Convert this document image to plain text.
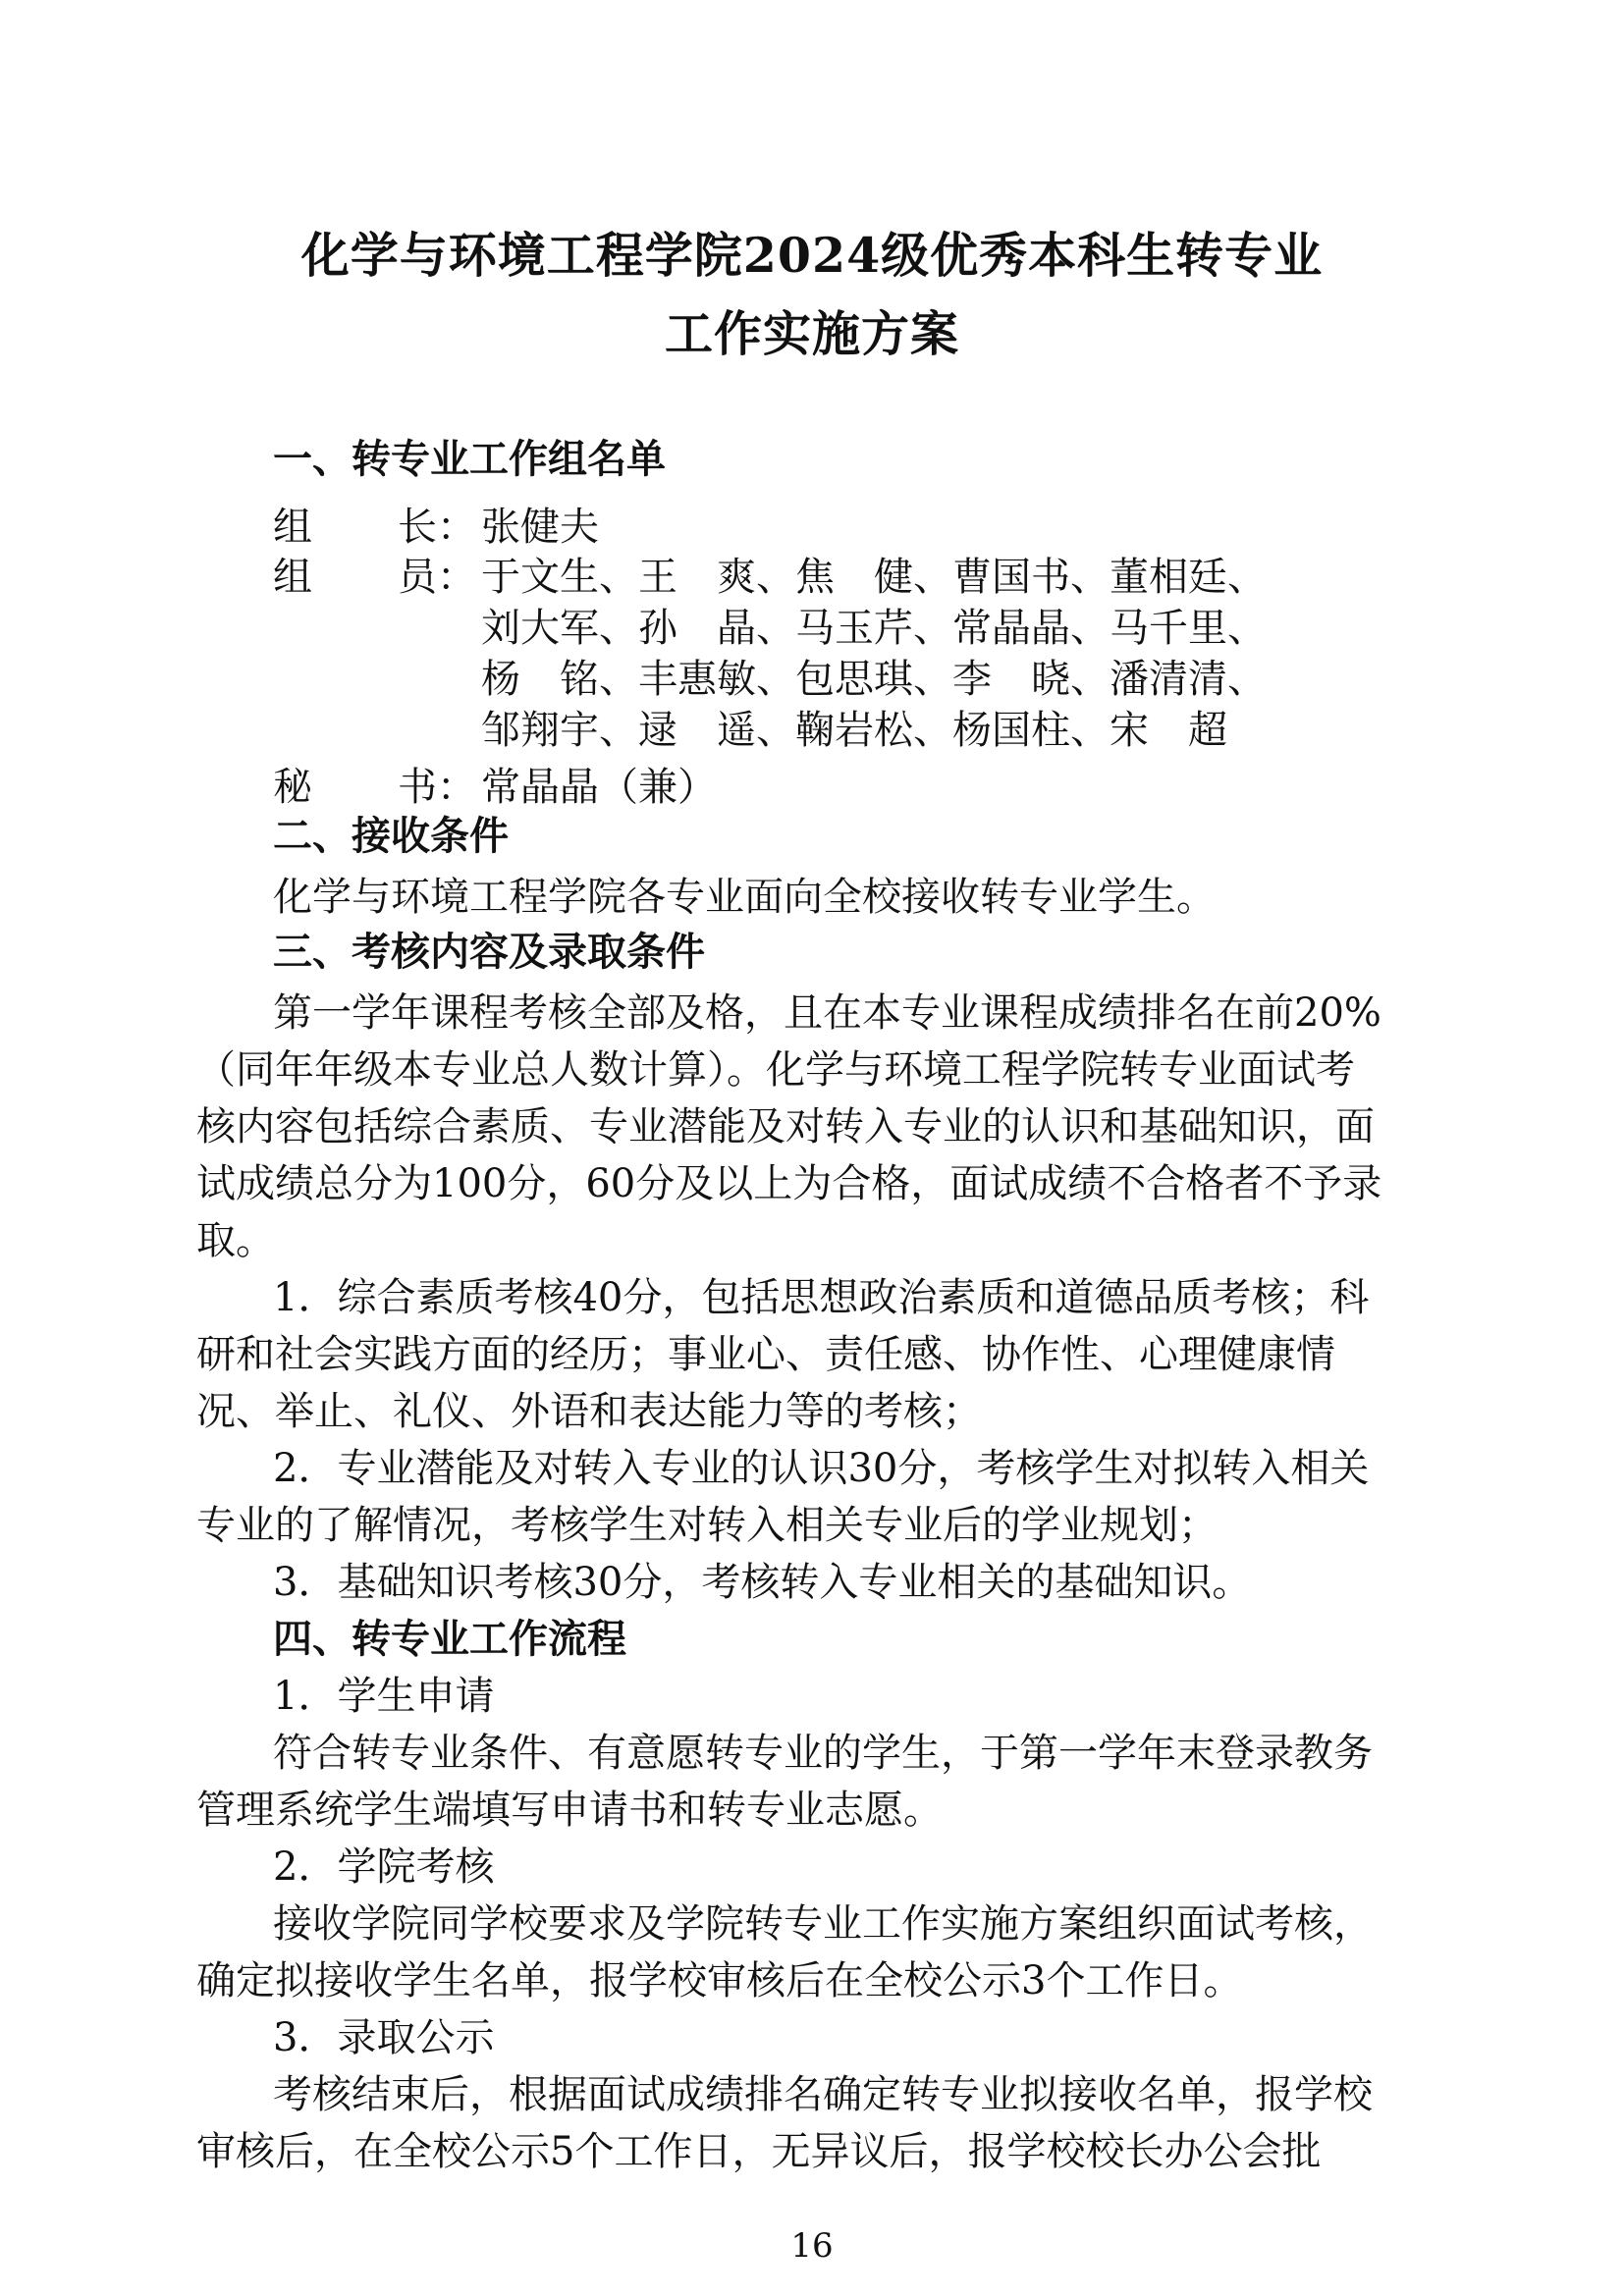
化学与环境工程学院2024级优秀本科生转专业
工作实施方案
一、转专业工作组名单
组 长： 张健夫
组 员： 于文生、王　爽、焦　健、曹国书、董相廷、
刘大军、孙　晶、马玉芹、常晶晶、马千里、
杨　铭、丰惠敏、包思琪、李　晓、潘清清、
邹翔宇、逯　遥、鞠岩松、杨国柱、宋　超
秘 书： 常晶晶（兼）
二、接收条件
化学与环境工程学院各专业面向全校接收转专业学生。
三、考核内容及录取条件
第一学年课程考核全部及格，且在本专业课程成绩排名在前20%
（同年年级本专业总人数计算）。化学与环境工程学院转专业面试考
核内容包括综合素质、专业潜能及对转入专业的认识和基础知识，面
试成绩总分为100分，60分及以上为合格，面试成绩不合格者不予录
取。
1．综合素质考核40分，包括思想政治素质和道德品质考核；科
研和社会实践方面的经历；事业心、责任感、协作性、心理健康情
况、举止、礼仪、外语和表达能力等的考核；
2．专业潜能及对转入专业的认识30分，考核学生对拟转入相关
专业的了解情况，考核学生对转入相关专业后的学业规划；
3．基础知识考核30分，考核转入专业相关的基础知识。
四、转专业工作流程
1．学生申请
符合转专业条件、有意愿转专业的学生，于第一学年末登录教务
管理系统学生端填写申请书和转专业志愿。
2．学院考核
接收学院同学校要求及学院转专业工作实施方案组织面试考核，
确定拟接收学生名单，报学校审核后在全校公示3个工作日。
3．录取公示
考核结束后，根据面试成绩排名确定转专业拟接收名单，报学校
审核后，在全校公示5个工作日，无异议后，报学校校长办公会批
16
